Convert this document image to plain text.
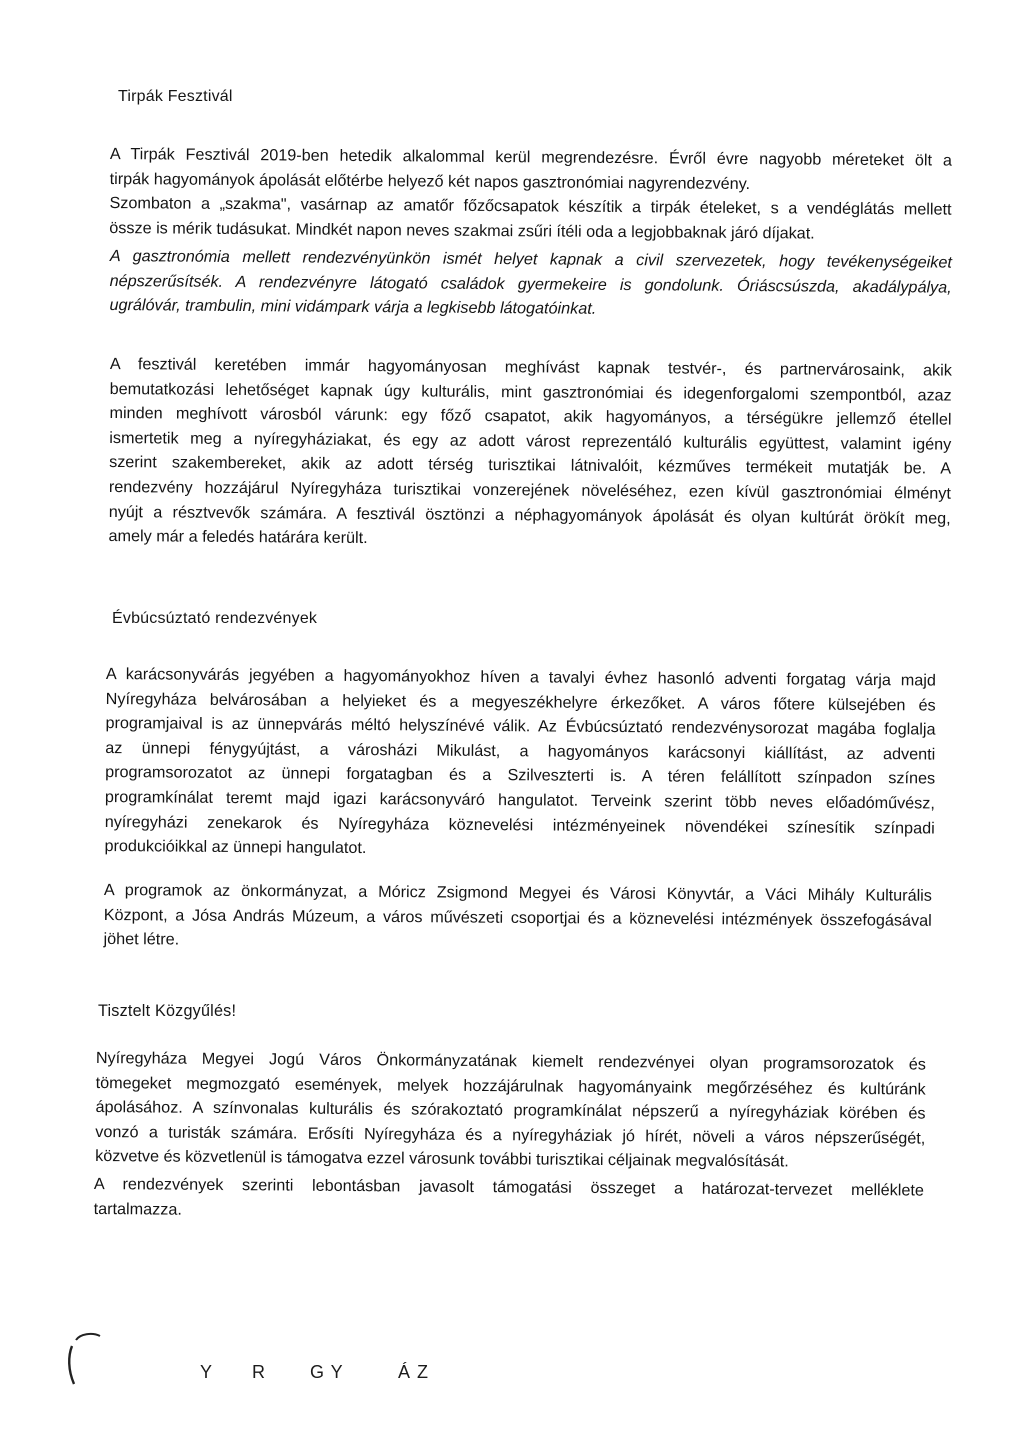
Tirpák Fesztivál
A Tirpák Fesztivál 2019-ben hetedik alkalommal kerül megrendezésre. Évről évre nagyobb méreteket ölt a
tirpák hagyományok ápolását előtérbe helyező két napos gasztronómiai nagyrendezvény.
Szombaton a „szakma", vasárnap az amatőr főzőcsapatok készítik a tirpák ételeket, s a vendéglátás mellett
össze is mérik tudásukat. Mindkét napon neves szakmai zsűri ítéli oda a legjobbaknak járó díjakat.
A gasztronómia mellett rendezvényünkön ismét helyet kapnak a civil szervezetek, hogy tevékenységeiket
népszerűsítsék. A rendezvényre látogató családok gyermekeire is gondolunk. Óriáscsúszda, akadálypálya,
ugrálóvár, trambulin, mini vidámpark várja a legkisebb látogatóinkat.
A fesztivál keretében immár hagyományosan meghívást kapnak testvér-, és partnervárosaink, akik
bemutatkozási lehetőséget kapnak úgy kulturális, mint gasztronómiai és idegenforgalomi szempontból, azaz
minden meghívott városból várunk: egy főző csapatot, akik hagyományos, a térségükre jellemző étellel
ismertetik meg a nyíregyháziakat, és egy az adott várost reprezentáló kulturális együttest, valamint igény
szerint szakembereket, akik az adott térség turisztikai látnivalóit, kézműves termékeit mutatják be. A
rendezvény hozzájárul Nyíregyháza turisztikai vonzerejének növeléséhez, ezen kívül gasztronómiai élményt
nyújt a résztvevők számára. A fesztivál ösztönzi a néphagyományok ápolását és olyan kultúrát örökít meg,
amely már a feledés határára került.
Évbúcsúztató rendezvények
A karácsonyvárás jegyében a hagyományokhoz híven a tavalyi évhez hasonló adventi forgatag várja majd
Nyíregyháza belvárosában a helyieket és a megyeszékhelyre érkezőket. A város főtere külsejében és
programjaival is az ünnepvárás méltó helyszínévé válik. Az Évbúcsúztató rendezvénysorozat magába foglalja
az ünnepi fénygyújtást, a városházi Mikulást, a hagyományos karácsonyi kiállítást, az adventi
programsorozatot az ünnepi forgatagban és a Szilveszterti is. A téren felállított színpadon színes
programkínálat teremt majd igazi karácsonyváró hangulatot. Terveink szerint több neves előadóművész,
nyíregyházi zenekarok és Nyíregyháza köznevelési intézményeinek növendékei színesítik színpadi
produkcióikkal az ünnepi hangulatot.
A programok az önkormányzat, a Móricz Zsigmond Megyei és Városi Könyvtár, a Váci Mihály Kulturális
Központ, a Jósa András Múzeum, a város művészeti csoportjai és a köznevelési intézmények összefogásával
jöhet létre.
Tisztelt Közgyűlés!
Nyíregyháza Megyei Jogú Város Önkormányzatának kiemelt rendezvényei olyan programsorozatok és
tömegeket megmozgató események, melyek hozzájárulnak hagyományaink megőrzéséhez és kultúránk
ápolásához. A színvonalas kulturális és szórakoztató programkínálat népszerű a nyíregyháziak körében és
vonzó a turisták számára. Erősíti Nyíregyháza és a nyíregyháziak jó hírét, növeli a város népszerűségét,
közvetve és közvetlenül is támogatva ezzel városunk további turisztikai céljainak megvalósítását.
A rendezvények szerinti lebontásban javasolt támogatási összeget a határozat-tervezet melléklete
tartalmazza.
Y R G Y	Á Z
